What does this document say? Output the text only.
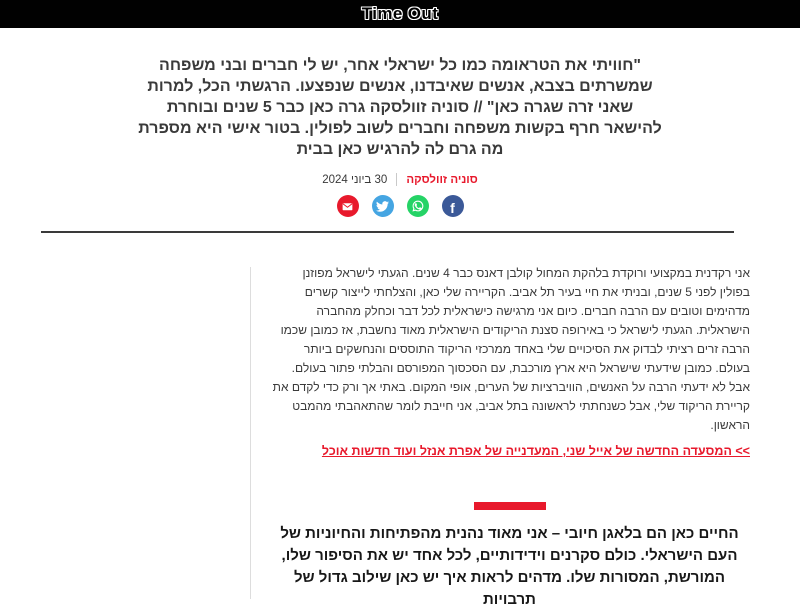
Time Out
"חוויתי את הטראומה כמו כל ישראלי אחר, יש לי חברים ובני משפחה שמשרתים בצבא, אנשים שאיבדנו, אנשים שנפצעו. הרגשתי הכל, למרות שאני זרה שגרה כאן" // סוניה זוולסקה גרה כאן כבר 5 שנים ובוחרת להישאר חרף בקשות משפחה וחברים לשוב לפולין. בטור אישי היא מספרת מה גרם לה להרגיש כאן בבית
סוניה זוולסקה
30 ביוני 2024
f

אני רקדנית במקצועי ורוקדת בלהקת המחול קולבן דאנס כבר 4 שנים. הגעתי לישראל מפוזנן בפולין לפני 5 שנים, ובניתי את חיי בעיר תל אביב. הקריירה שלי כאן, והצלחתי לייצור קשרים מדהימים וטובים עם הרבה חברים. כיום אני מרגישה כישראלית לכל דבר וכחלק מהחברה הישראלית. הגעתי לישראל כי באירופה סצנת הריקודים הישראלית מאוד נחשבת, אז כמובן שכמו הרבה זרים רציתי לבדוק את הסיכויים שלי באחד ממרכזי הריקוד התוססים והנחשקים ביותר בעולם. כמובן שידעתי שישראל היא ארץ מורכבת, עם הסכסוך המפורסם והבלתי פתור בעולם. אבל לא ידעתי הרבה על האנשים, הוויברציות של הערים, אופי המקום. באתי אך ורק כדי לקדם את קריירת הריקוד שלי, אבל כשנחתתי לראשונה בתל אביב, אני חייבת לומר שהתאהבתי מהמבט הראשון.

>> המסעדה החדשה של אייל שני, המעדנייה של אפרת אנזל ועוד חדשות אוכל

החיים כאן הם בלאגן חיובי – אני מאוד נהנית מהפתיחות והחיוניות של העם הישראלי. כולם סקרנים וידידותיים, לכל אחד יש את הסיפור שלו, המורשת, המסורות שלו. מדהים לראות איך יש כאן שילוב גדול של תרבויות
